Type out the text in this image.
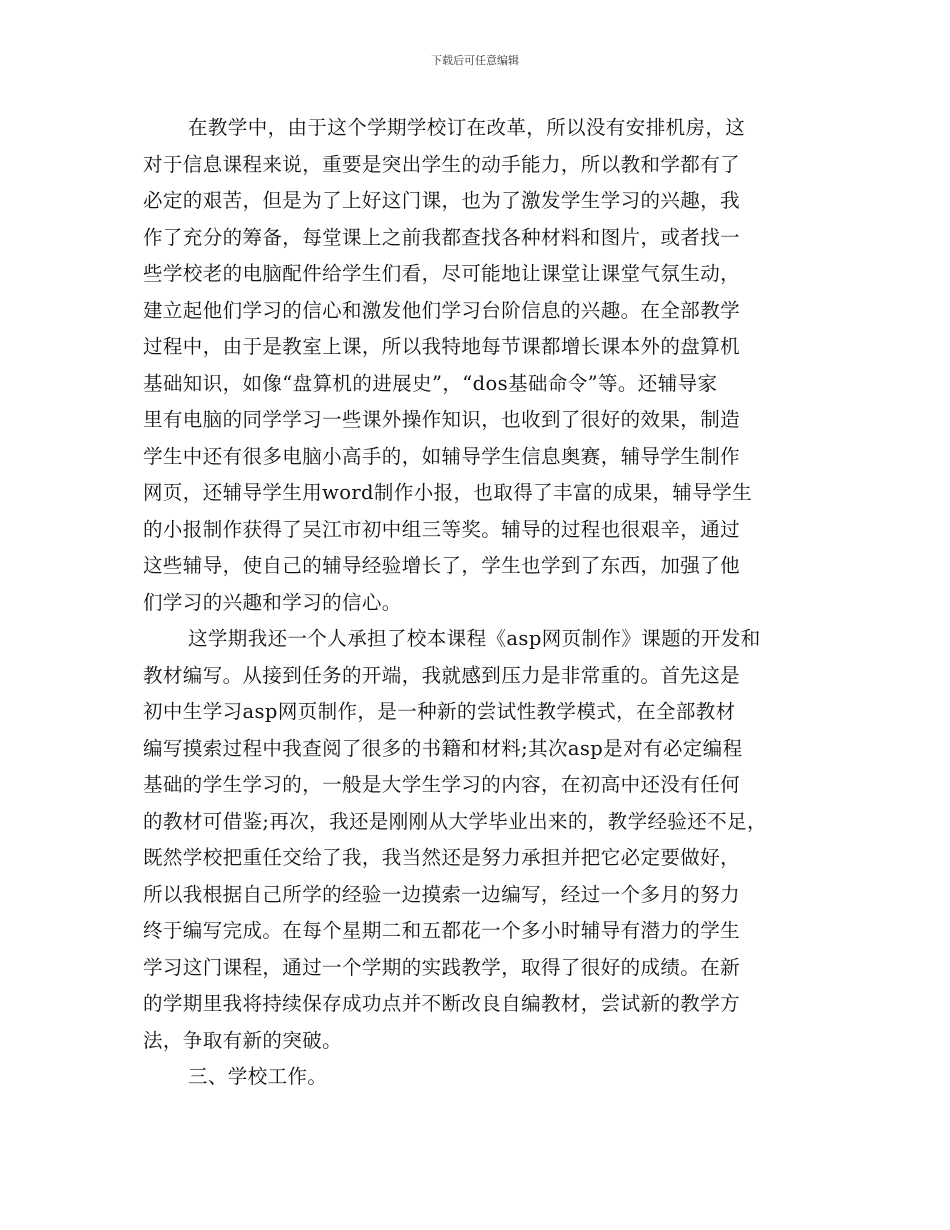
下载后可任意编辑
在教学中，由于这个学期学校订在改革，所以没有安排机房，这
对于信息课程来说，重要是突出学生的动手能力，所以教和学都有了
必定的艰苦，但是为了上好这门课，也为了激发学生学习的兴趣，我
作了充分的筹备，每堂课上之前我都查找各种材料和图片，或者找一
些学校老的电脑配件给学生们看，尽可能地让课堂让课堂气氛生动，
建立起他们学习的信心和激发他们学习台阶信息的兴趣。在全部教学
过程中，由于是教室上课，所以我特地每节课都增长课本外的盘算机
基础知识，如像“盘算机的进展史”，“dos基础命令”等。还辅导家
里有电脑的同学学习一些课外操作知识，也收到了很好的效果，制造
学生中还有很多电脑小高手的，如辅导学生信息奥赛，辅导学生制作
网页，还辅导学生用word制作小报，也取得了丰富的成果，辅导学生
的小报制作获得了吴江市初中组三等奖。辅导的过程也很艰辛，通过
这些辅导，使自己的辅导经验增长了，学生也学到了东西，加强了他
们学习的兴趣和学习的信心。
这学期我还一个人承担了校本课程《asp网页制作》课题的开发和
教材编写。从接到任务的开端，我就感到压力是非常重的。首先这是
初中生学习asp网页制作，是一种新的尝试性教学模式，在全部教材
编写摸索过程中我查阅了很多的书籍和材料;其次asp是对有必定编程
基础的学生学习的，一般是大学生学习的内容，在初高中还没有任何
的教材可借鉴;再次，我还是刚刚从大学毕业出来的，教学经验还不足，
既然学校把重任交给了我，我当然还是努力承担并把它必定要做好，
所以我根据自己所学的经验一边摸索一边编写，经过一个多月的努力
终于编写完成。在每个星期二和五都花一个多小时辅导有潜力的学生
学习这门课程，通过一个学期的实践教学，取得了很好的成绩。在新
的学期里我将持续保存成功点并不断改良自编教材，尝试新的教学方
法，争取有新的突破。
三、学校工作。
